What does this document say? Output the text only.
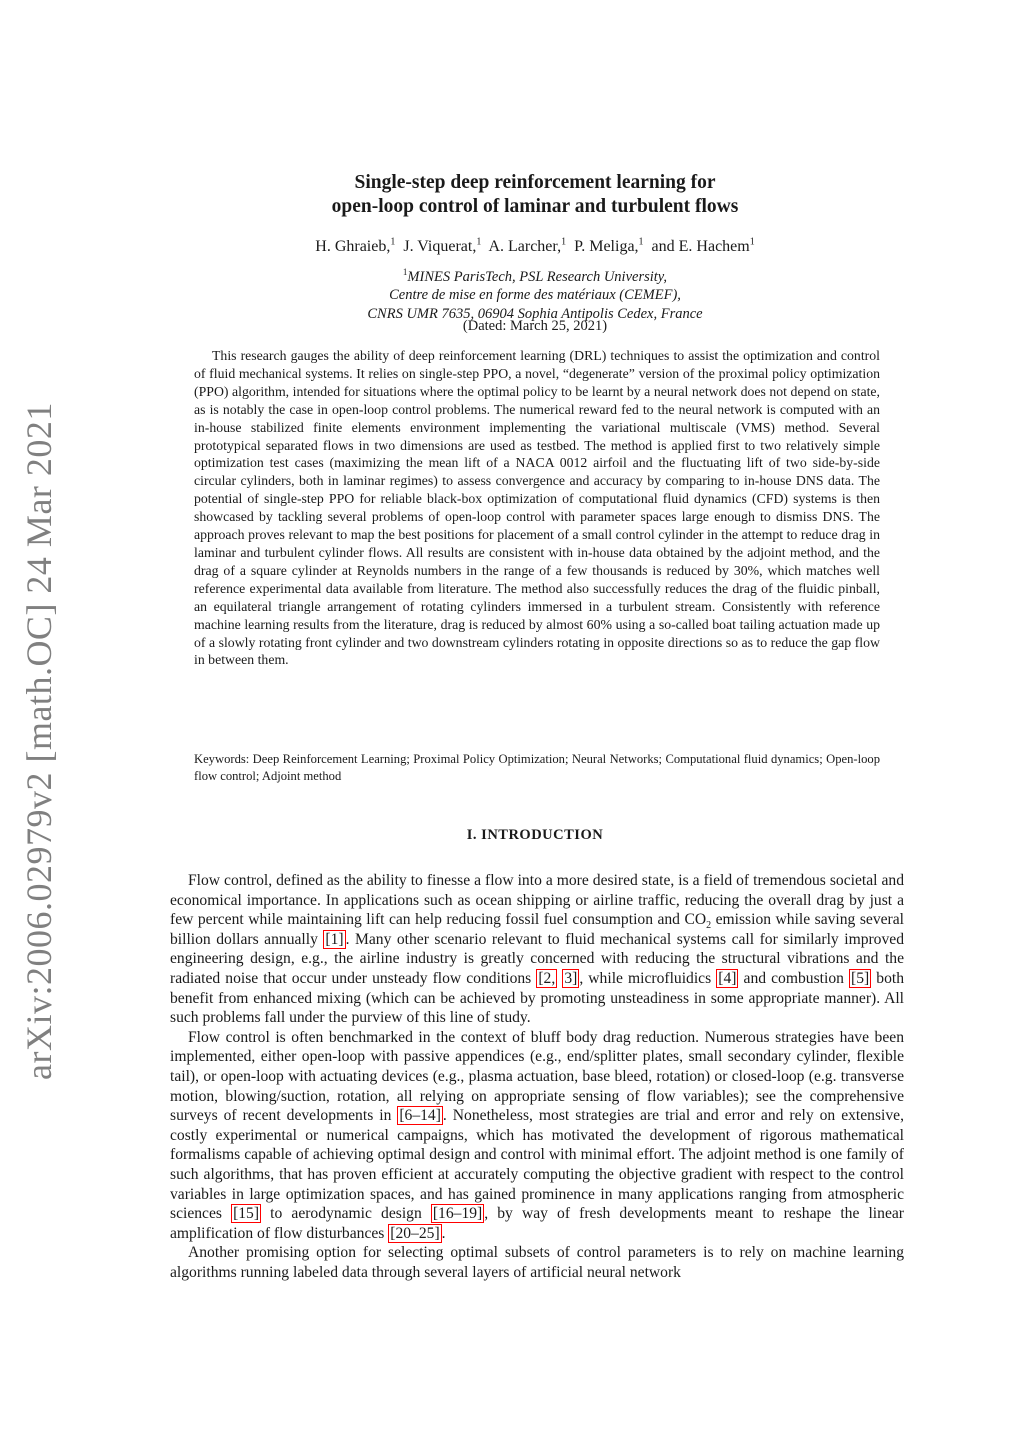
arXiv:2006.02979v2 [math.OC] 24 Mar 2021
Single-step deep reinforcement learning for
open-loop control of laminar and turbulent flows
H. Ghraieb,$^1$ J. Viquerat,$^1$ A. Larcher,$^1$ P. Meliga,$^1$ and E. Hachem$^1$
$^1$MINES ParisTech, PSL Research University,
Centre de mise en forme des matériaux (CEMEF),
CNRS UMR 7635, 06904 Sophia Antipolis Cedex, France
(Dated: March 25, 2021)

This research gauges the ability of deep reinforcement learning (DRL) techniques to assist the optimization and control of fluid mechanical systems. It relies on single-step PPO, a novel, “degenerate” version of the proximal policy optimization (PPO) algorithm, intended for situations where the optimal policy to be learnt by a neural network does not depend on state, as is notably the case in open-loop control problems. The numerical reward fed to the neural network is computed with an in-house stabilized finite elements environment implementing the variational multiscale (VMS) method. Several prototypical separated flows in two dimensions are used as testbed. The method is applied first to two relatively simple optimization test cases (maximizing the mean lift of a NACA 0012 airfoil and the fluctuating lift of two side-by-side circular cylinders, both in laminar regimes) to assess convergence and accuracy by comparing to in-house DNS data. The potential of single-step PPO for reliable black-box optimization of computational fluid dynamics (CFD) systems is then showcased by tackling several problems of open-loop control with parameter spaces large enough to dismiss DNS. The approach proves relevant to map the best positions for placement of a small control cylinder in the attempt to reduce drag in laminar and turbulent cylinder flows. All results are consistent with in-house data obtained by the adjoint method, and the drag of a square cylinder at Reynolds numbers in the range of a few thousands is reduced by 30%, which matches well reference experimental data available from literature. The method also successfully reduces the drag of the fluidic pinball, an equilateral triangle arrangement of rotating cylinders immersed in a turbulent stream. Consistently with reference machine learning results from the literature, drag is reduced by almost 60% using a so-called boat tailing actuation made up of a slowly rotating front cylinder and two downstream cylinders rotating in opposite directions so as to reduce the gap flow in between them.

Keywords: Deep Reinforcement Learning; Proximal Policy Optimization; Neural Networks; Computational fluid dynamics; Open-loop flow control; Adjoint method

I. INTRODUCTION

Flow control, defined as the ability to finesse a flow into a more desired state, is a field of tremendous societal and economical importance. In applications such as ocean shipping or airline traffic, reducing the overall drag by just a few percent while maintaining lift can help reducing fossil fuel consumption and $CO_2$ emission while saving several billion dollars annually [1] . Many other scenario relevant to fluid mechanical systems call for similarly improved engineering design, e.g., the airline industry is greatly concerned with reducing the structural vibrations and the radiated noise that occur under unsteady flow conditions [2, 3] , while microfluidics [4] and combustion [5] both benefit from enhanced mixing (which can be achieved by promoting unsteadiness in some appropriate manner). All such problems fall under the purview of this line of study.

Flow control is often benchmarked in the context of bluff body drag reduction. Numerous strategies have been implemented, either open-loop with passive appendices (e.g., end/splitter plates, small secondary cylinder, flexible tail), or open-loop with actuating devices (e.g., plasma actuation, base bleed, rotation) or closed-loop (e.g. transverse motion, blowing/suction, rotation, all relying on appropriate sensing of flow variables); see the comprehensive surveys of recent developments in [6–14] . Nonetheless, most strategies are trial and error and rely on extensive, costly experimental or numerical campaigns, which has motivated the development of rigorous mathematical formalisms capable of achieving optimal design and control with minimal effort. The adjoint method is one family of such algorithms, that has proven efficient at accurately computing the objective gradient with respect to the control variables in large optimization spaces, and has gained prominence in many applications ranging from atmospheric sciences [15] to aerodynamic design [16–19] , by way of fresh developments meant to reshape the linear amplification of flow disturbances [20–25] .

Another promising option for selecting optimal subsets of control parameters is to rely on machine learning algorithms running labeled data through several layers of artificial neural network
